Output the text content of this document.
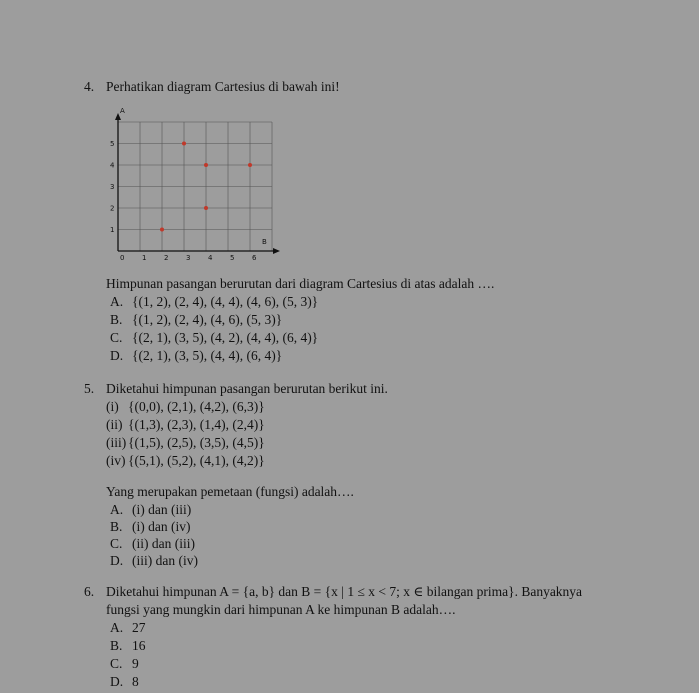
4. Perhatikan diagram Cartesius di bawah ini!
0	1	2	3	4	5	6
1
2
3
4
5
B
A
Himpunan pasangan berurutan dari diagram Cartesius di atas adalah ….
A. {(1, 2), (2, 4), (4, 4), (4, 6), (5, 3)}
B. {(1, 2), (2, 4), (4, 6), (5, 3)}
C. {(2, 1), (3, 5), (4, 2), (4, 4), (6, 4)}
D. {(2, 1), (3, 5), (4, 4), (6, 4)}
5. Diketahui himpunan pasangan berurutan berikut ini.
(i) {(0,0), (2,1), (4,2), (6,3)}
(ii) {(1,3), (2,3), (1,4), (2,4)}
(iii) {(1,5), (2,5), (3,5), (4,5)}
(iv) {(5,1), (5,2), (4,1), (4,2)}
Yang merupakan pemetaan (fungsi) adalah….
A. (i) dan (iii)
B. (i) dan (iv)
C. (ii) dan (iii)
D. (iii) dan (iv)
6. Diketahui himpunan A = {a, b} dan B = {x | 1 ≤ x < 7; x ∈ bilangan prima}. Banyaknya
fungsi yang mungkin dari himpunan A ke himpunan B adalah….
A. 27
B. 16
C. 9
D. 8
